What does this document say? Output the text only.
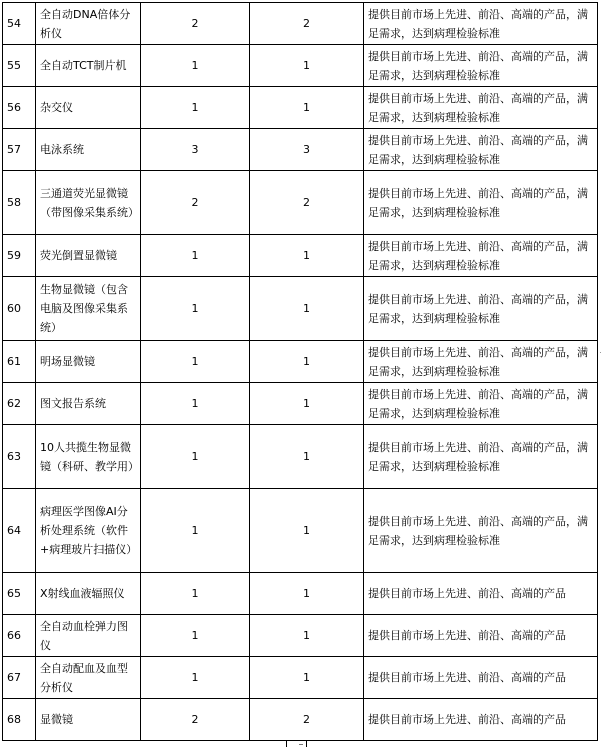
54	全自动DNA倍体分析仪	2	2	提供目前市场上先进、前沿、高端的产品，满足需求，达到病理检验标准
55	全自动TCT制片机	1	1	提供目前市场上先进、前沿、高端的产品，满足需求，达到病理检验标准
56	杂交仪	1	1	提供目前市场上先进、前沿、高端的产品，满足需求，达到病理检验标准
57	电泳系统	3	3	提供目前市场上先进、前沿、高端的产品，满足需求，达到病理检验标准
58	三通道荧光显微镜（带图像采集系统）	2	2	提供目前市场上先进、前沿、高端的产品，满足需求，达到病理检验标准
59	荧光倒置显微镜	1	1	提供目前市场上先进、前沿、高端的产品，满足需求，达到病理检验标准
60	生物显微镜（包含电脑及图像采集系统）	1	1	提供目前市场上先进、前沿、高端的产品，满足需求，达到病理检验标准
61	明场显微镜	1	1	提供目前市场上先进、前沿、高端的产品，满足需求，达到病理检验标准
62	图文报告系统	1	1	提供目前市场上先进、前沿、高端的产品，满足需求，达到病理检验标准
63	10人共揽生物显微镜（科研、教学用）	1	1	提供目前市场上先进、前沿、高端的产品，满足需求，达到病理检验标准
64	病理医学图像AI分析处理系统（软件+病理玻片扫描仪）	1	1	提供目前市场上先进、前沿、高端的产品，满足需求，达到病理检验标准
65	X射线血液辐照仪	1	1	提供目前市场上先进、前沿、高端的产品
66	全自动血栓弹力图仪	1	1	提供目前市场上先进、前沿、高端的产品
67	全自动配血及血型分析仪	1	1	提供目前市场上先进、前沿、高端的产品
68	显微镜	2	2	提供目前市场上先进、前沿、高端的产品
